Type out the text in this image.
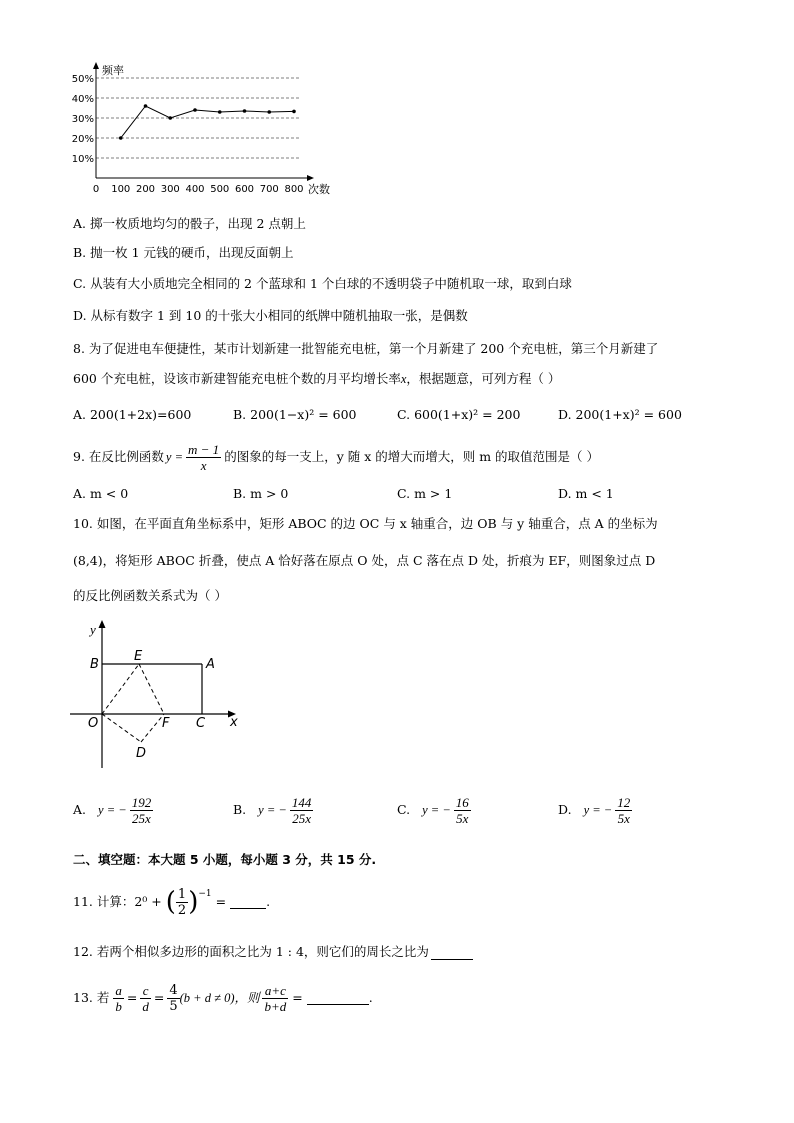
10%
20%
30%
40%
50%
频率
次数
0 100 200 300 400 500 600 700 800
A. 掷一枚质地均匀的骰子，出现 2 点朝上
B. 抛一枚 1 元钱的硬币，出现反面朝上
C. 从装有大小质地完全相同的 2 个蓝球和 1 个白球的不透明袋子中随机取一球，取到白球
D. 从标有数字 1 到 10 的十张大小相同的纸牌中随机抽取一张，是偶数
8. 为了促进电车便捷性，某市计划新建一批智能充电桩，第一个月新建了 200 个充电桩，第三个月新建了
600 个充电桩，设该市新建智能充电桩个数的月平均增长率x，根据题意，可列方程（ ）
A. 200(1+2x)=600	B. 200(1−x)² = 600	C. 600(1+x)² = 200	D. 200(1+x)² = 600
9. 在反比例函数 $y = \frac{m - 1}{x}$ 的图象的每一支上，y 随 x 的增大而增大，则 m 的取值范围是（ ）
A. m < 0	B. m > 0	C. m > 1	D. m < 1
10. 如图，在平面直角坐标系中，矩形 ABOC 的边 OC 与 x 轴重合，边 OB 与 y 轴重合，点 A 的坐标为
(8,4)，将矩形 ABOC 折叠，使点 A 恰好落在原点 O 处，点 C 落在点 D 处，折痕为 EF，则图象过点 D
的反比例函数关系式为（ ）
y
x
B
E
A
O	F C
D
A. y = − $\frac{192}{25x}$	B. y = − $\frac{144}{25x}$	C. y = − $\frac{16}{5x}$	D. y = − $\frac{12}{5x}$
二、填空题：本大题 5 小题，每小题 3 分，共 15 分.
11. 计算：2⁰ + ( $\frac{1}{2}$ ) −1 =	.
12. 若两个相似多边形的面积之比为 1 : 4，则它们的周长之比为
13. 若 $\frac{a}{b} = \frac{c}{d} = \frac{4}{5} (b + d \ne 0)$，则 $\frac{a+c}{b+d}$ =	.
